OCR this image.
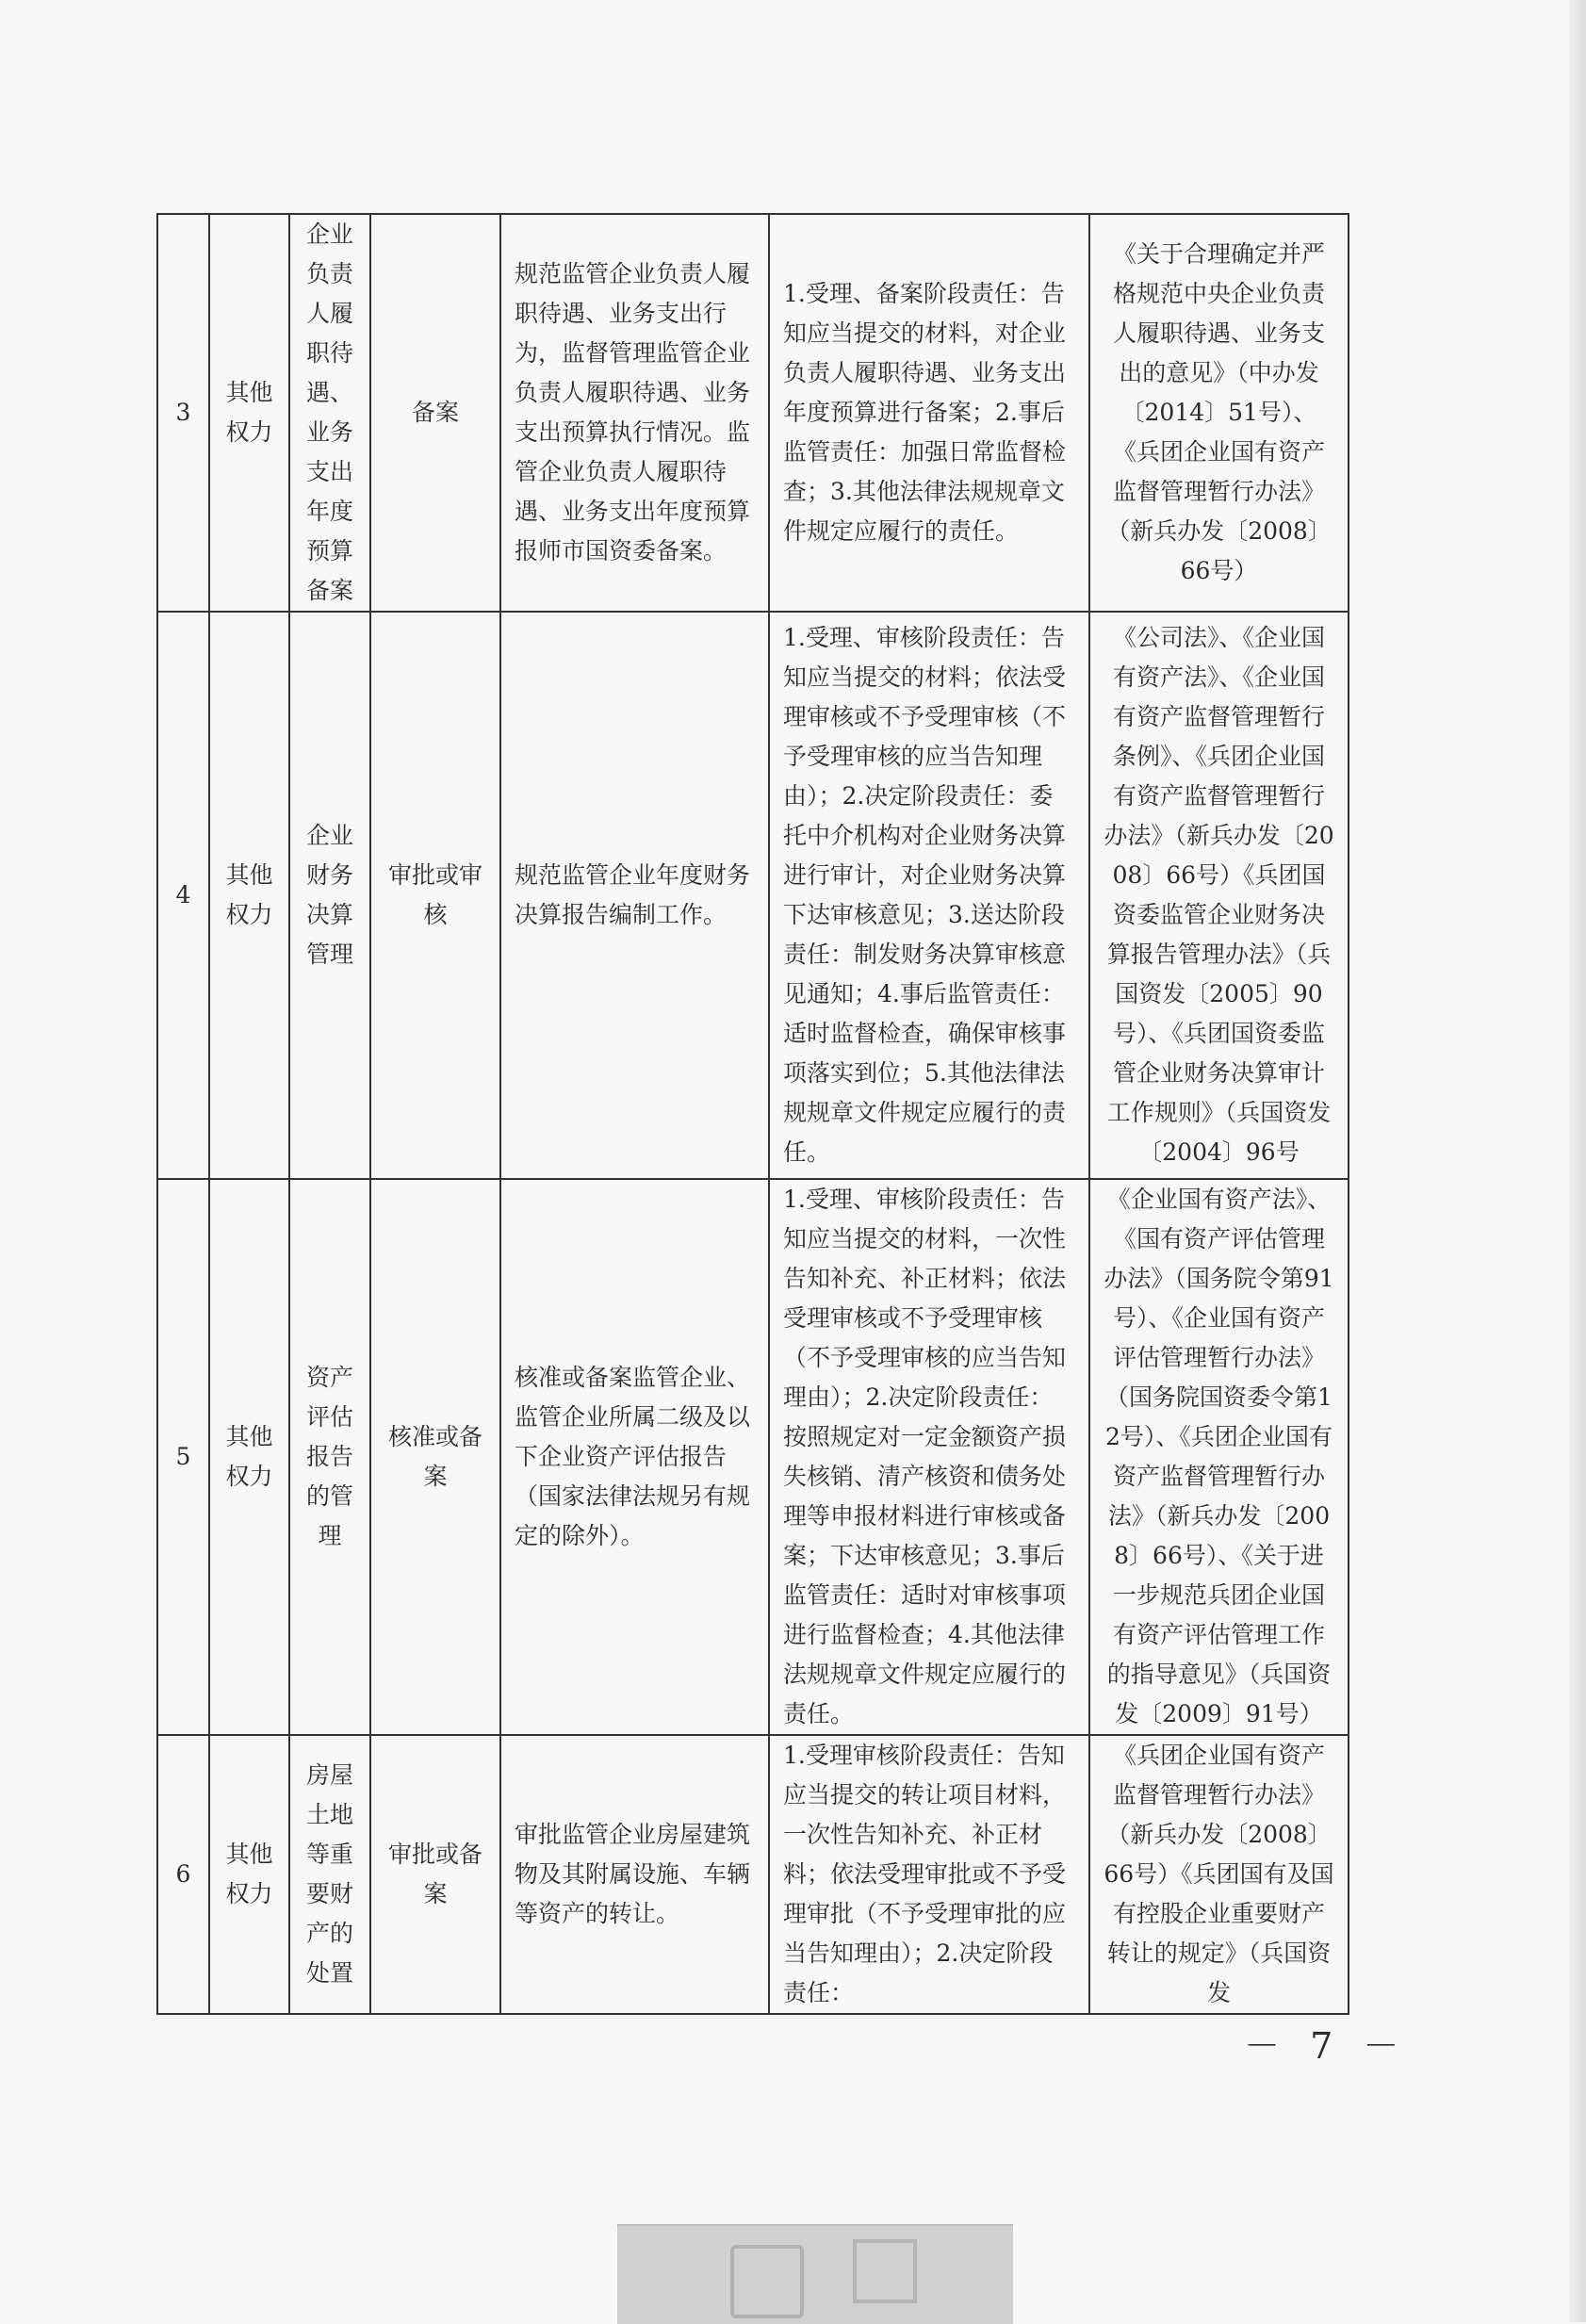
3	其他权力	企业负责人履职待遇、业务支出年度预算备案	备案	规范监管企业负责人履职待遇、业务支出行为，监督管理监管企业负责人履职待遇、业务支出预算执行情况。监管企业负责人履职待遇、业务支出年度预算报师市国资委备案。	1.受理、备案阶段责任：告知应当提交的材料，对企业负责人履职待遇、业务支出年度预算进行备案；2.事后监管责任：加强日常监督检查；3.其他法律法规规章文件规定应履行的责任。	《关于合理确定并严格规范中央企业负责人履职待遇、业务支出的意见》（中办发〔2014〕51号）、《兵团企业国有资产监督管理暂行办法》（新兵办发〔2008〕66号）
4	其他权力	企业财务决算管理	审批或审核	规范监管企业年度财务决算报告编制工作。	1.受理、审核阶段责任：告知应当提交的材料；依法受理审核或不予受理审核（不予受理审核的应当告知理由）；2.决定阶段责任：委托中介机构对企业财务决算进行审计，对企业财务决算下达审核意见；3.送达阶段责任：制发财务决算审核意见通知；4.事后监管责任：适时监督检查，确保审核事项落实到位；5.其他法律法规规章文件规定应履行的责任。	《公司法》、《企业国有资产法》、《企业国有资产监督管理暂行条例》、《兵团企业国有资产监督管理暂行办法》（新兵办发〔2008〕66号）《兵团国资委监管企业财务决算报告管理办法》（兵国资发〔2005〕90号）、《兵团国资委监管企业财务决算审计工作规则》（兵国资发〔2004〕96号
5	其他权力	资产评估报告的管理	核准或备案	核准或备案监管企业、监管企业所属二级及以下企业资产评估报告（国家法律法规另有规定的除外）。	1.受理、审核阶段责任：告知应当提交的材料，一次性告知补充、补正材料；依法受理审核或不予受理审核（不予受理审核的应当告知理由）；2.决定阶段责任：按照规定对一定金额资产损失核销、清产核资和债务处理等申报材料进行审核或备案；下达审核意见；3.事后监管责任：适时对审核事项进行监督检查；4.其他法律法规规章文件规定应履行的责任。	《企业国有资产法》、《国有资产评估管理办法》（国务院令第91号）、《企业国有资产评估管理暂行办法》（国务院国资委令第12号）、《兵团企业国有资产监督管理暂行办法》（新兵办发〔2008〕66号）、《关于进一步规范兵团企业国有资产评估管理工作的指导意见》（兵国资发〔2009〕91号）
6	其他权力	房屋土地等重要财产的处置	审批或备案	审批监管企业房屋建筑物及其附属设施、车辆等资产的转让。	1.受理审核阶段责任：告知应当提交的转让项目材料，一次性告知补充、补正材料；依法受理审批或不予受理审批（不予受理审批的应当告知理由）；2.决定阶段责任：	《兵团企业国有资产监督管理暂行办法》（新兵办发〔2008〕66号）《兵团国有及国有控股企业重要财产转让的规定》（兵国资发
－ 7 －
